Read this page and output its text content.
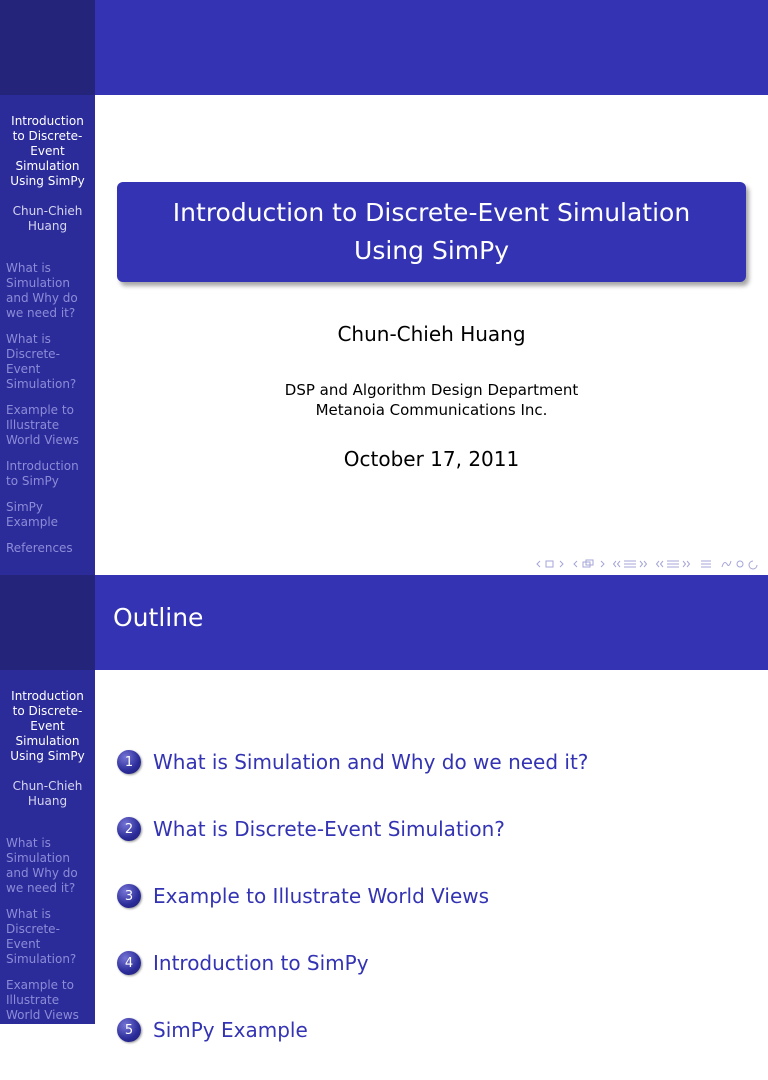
Introduction
to Discrete-
Event
Simulation
Using SimPy
Chun-Chieh
Huang
What is
Simulation
and Why do
we need it?
What is
Discrete-
Event
Simulation?
Example to
Illustrate
World Views
Introduction
to SimPy
SimPy
Example
References
Introduction to Discrete-Event Simulation
Using SimPy
Chun-Chieh Huang
DSP and Algorithm Design Department
Metanoia Communications Inc.
October 17, 2011
Outline
Introduction
to Discrete-
Event
Simulation
Using SimPy
Chun-Chieh
Huang
What is
Simulation
and Why do
we need it?
What is
Discrete-
Event
Simulation?
Example to
Illustrate
World Views
1 What is Simulation and Why do we need it?
2 What is Discrete-Event Simulation?
3 Example to Illustrate World Views
4 Introduction to SimPy
5 SimPy Example
